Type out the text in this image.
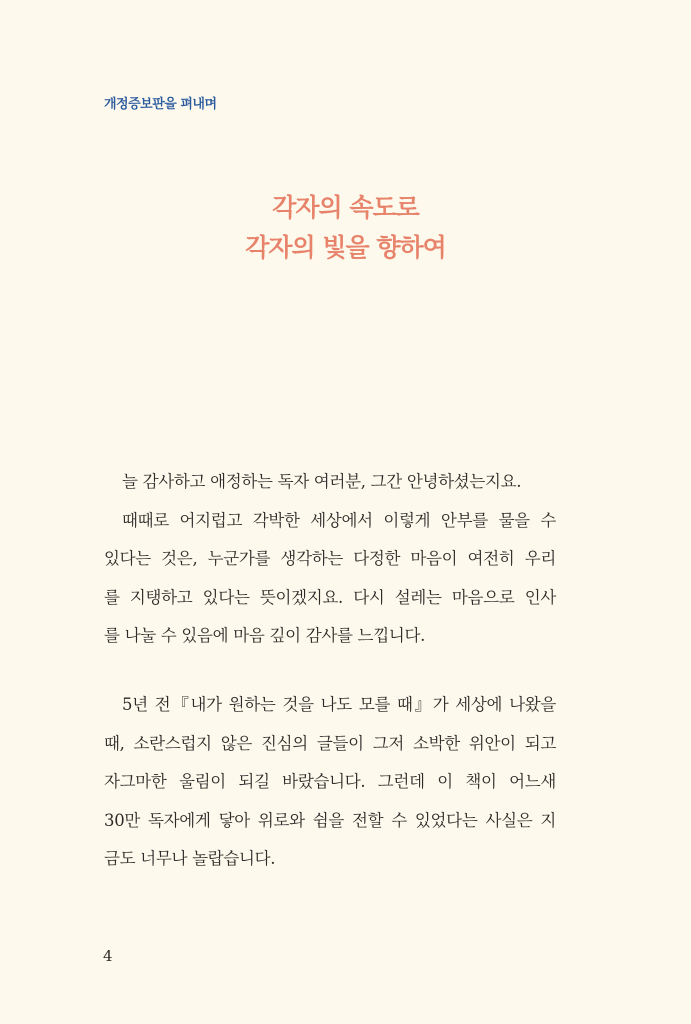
개정증보판을 펴내며
각자의 속도로
각자의 빛을 향하여
늘 감사하고 애정하는 독자 여러분, 그간 안녕하셨는지요.
때때로 어지럽고 각박한 세상에서 이렇게 안부를 물을 수
있다는 것은, 누군가를 생각하는 다정한 마음이 여전히 우리
를 지탱하고 있다는 뜻이겠지요. 다시 설레는 마음으로 인사
를 나눌 수 있음에 마음 깊이 감사를 느낍니다.
5년 전『내가 원하는 것을 나도 모를 때』가 세상에 나왔을
때, 소란스럽지 않은 진심의 글들이 그저 소박한 위안이 되고
자그마한 울림이 되길 바랐습니다. 그런데 이 책이 어느새
30만 독자에게 닿아 위로와 쉼을 전할 수 있었다는 사실은 지
금도 너무나 놀랍습니다.
4
